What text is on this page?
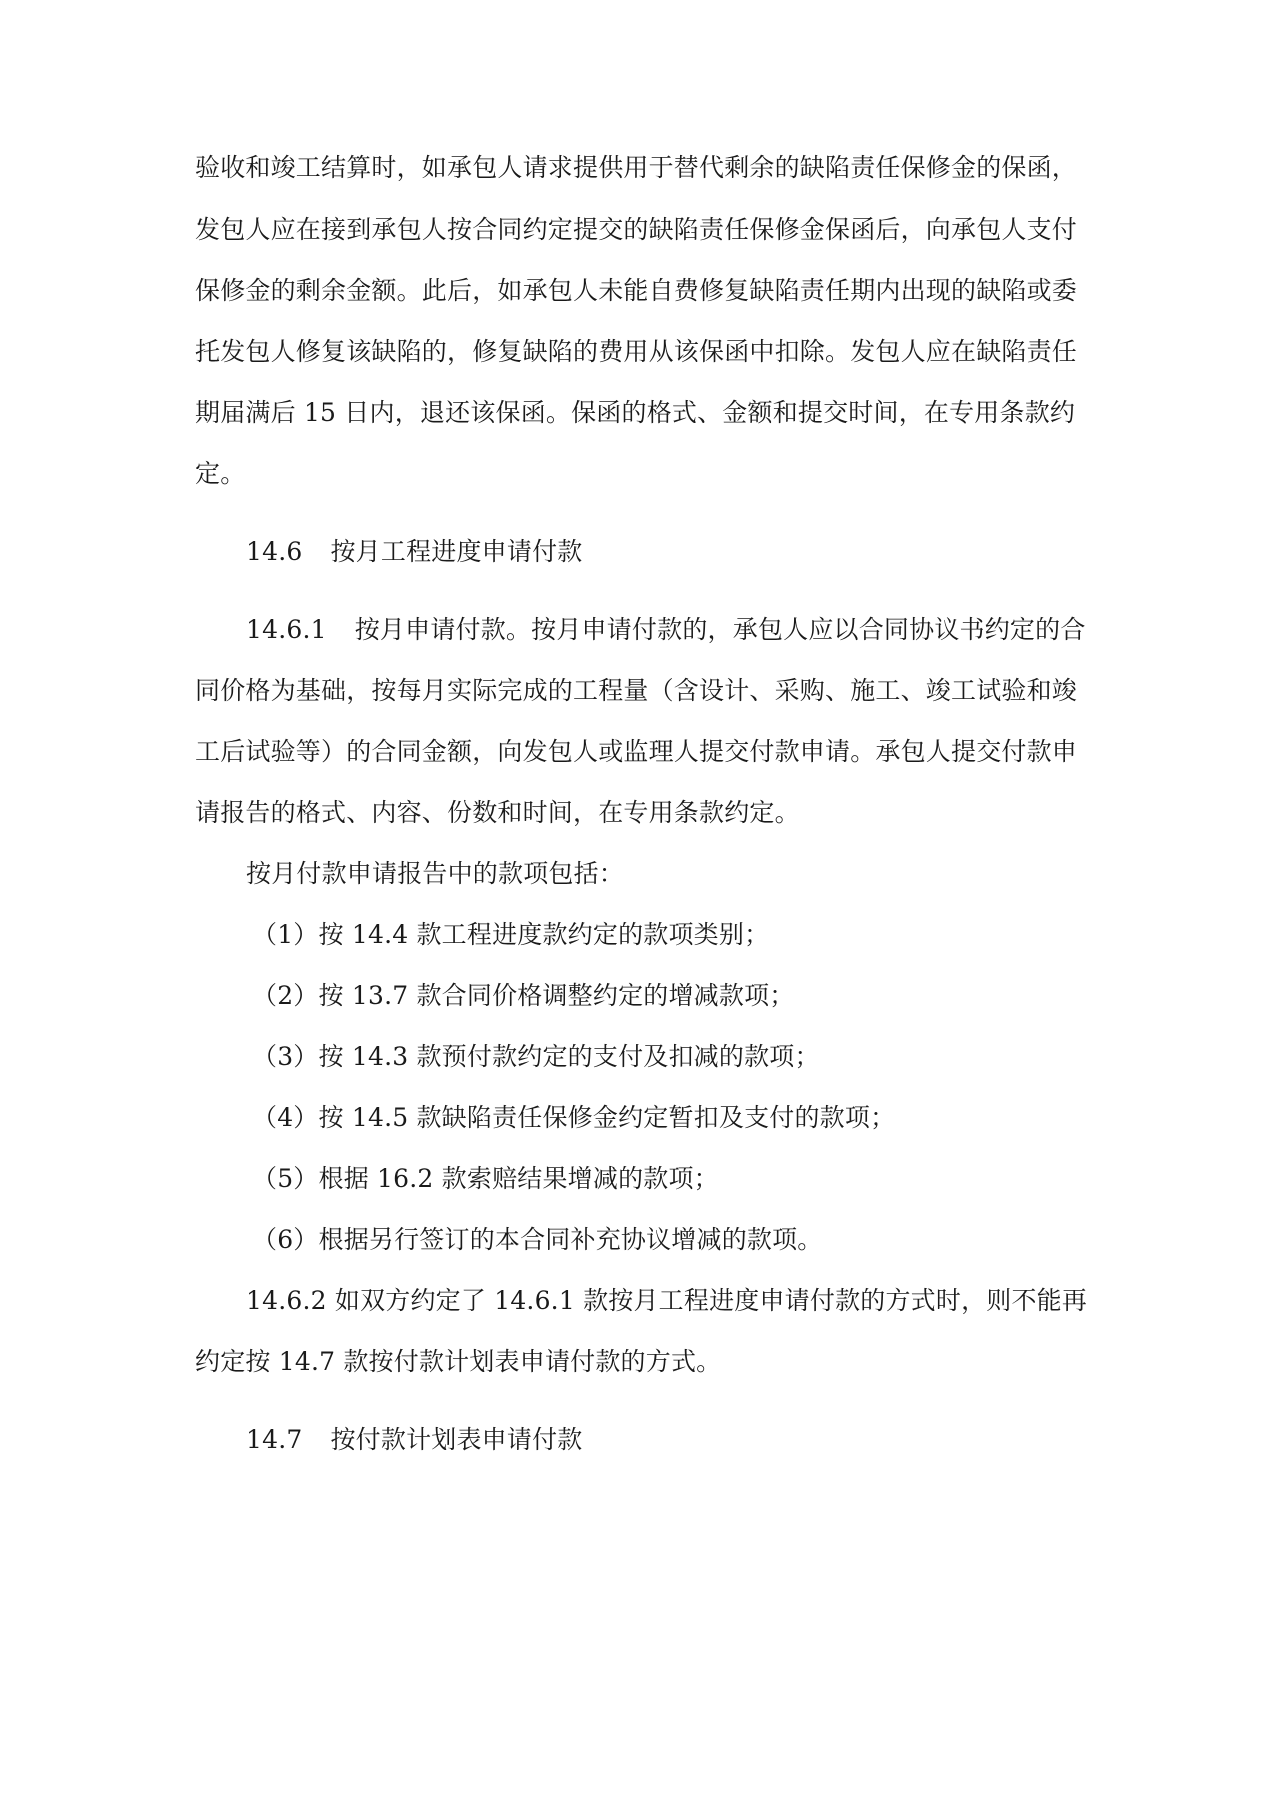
验收和竣工结算时，如承包人请求提供用于替代剩余的缺陷责任保修金的保函，
发包人应在接到承包人按合同约定提交的缺陷责任保修金保函后，向承包人支付
保修金的剩余金额。此后，如承包人未能自费修复缺陷责任期内出现的缺陷或委
托发包人修复该缺陷的，修复缺陷的费用从该保函中扣除。发包人应在缺陷责任
期届满后 15 日内，退还该保函。保函的格式、金额和提交时间，在专用条款约
定。
14.6 按月工程进度申请付款
14.6.1 按月申请付款。按月申请付款的，承包人应以合同协议书约定的合
同价格为基础，按每月实际完成的工程量（含设计、采购、施工、竣工试验和竣
工后试验等）的合同金额，向发包人或监理人提交付款申请。承包人提交付款申
请报告的格式、内容、份数和时间，在专用条款约定。
按月付款申请报告中的款项包括：
（1）按 14.4 款工程进度款约定的款项类别；
（2）按 13.7 款合同价格调整约定的增减款项；
（3）按 14.3 款预付款约定的支付及扣减的款项；
（4）按 14.5 款缺陷责任保修金约定暂扣及支付的款项；
（5）根据 16.2 款索赔结果增减的款项；
（6）根据另行签订的本合同补充协议增减的款项。
14.6.2 如双方约定了 14.6.1 款按月工程进度申请付款的方式时，则不能再
约定按 14.7 款按付款计划表申请付款的方式。
14.7 按付款计划表申请付款
